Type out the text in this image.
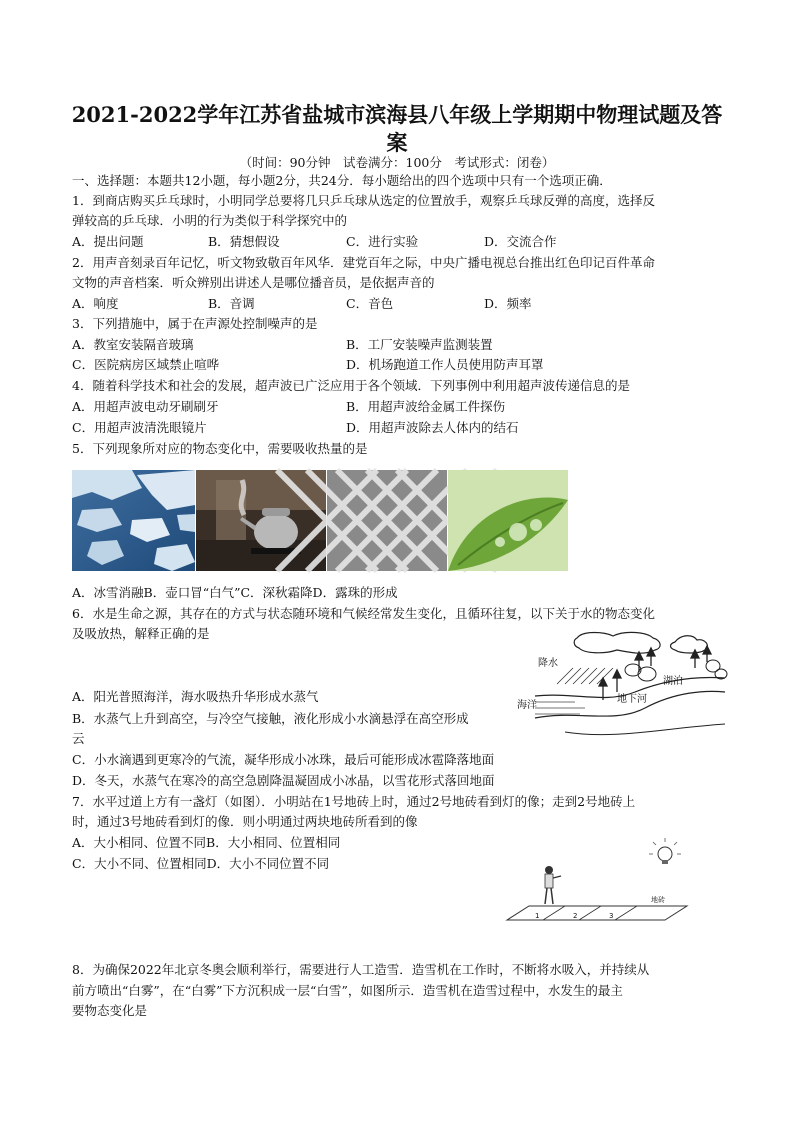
2021-2022学年江苏省盐城市滨海县八年级上学期期中物理试题及答
案
（时间：90分钟　试卷满分：100分　考试形式：闭卷）
一、选择题：本题共12小题，每小题2分，共24分．每小题给出的四个选项中只有一个选项正确．
1．到商店购买乒乓球时，小明同学总要将几只乒乓球从选定的位置放手，观察乒乓球反弹的高度，选择反
弹较高的乒乓球．小明的行为类似于科学探究中的
A．提出问题	B．猜想假设	C．进行实验	D．交流合作
2．用声音刻录百年记忆，听文物致敬百年风华．建党百年之际，中央广播电视总台推出红色印记百件革命
文物的声音档案．听众辨别出讲述人是哪位播音员，是依据声音的
A．响度	B．音调	C．音色	D．频率
3．下列措施中，属于在声源处控制噪声的是
A．教室安装隔音玻璃	B．工厂安装噪声监测装置
C．医院病房区域禁止喧哗	D．机场跑道工作人员使用防声耳罩
4．随着科学技术和社会的发展，超声波已广泛应用于各个领域．下列事例中利用超声波传递信息的是
A．用超声波电动牙刷刷牙	B．用超声波给金属工件探伤
C．用超声波清洗眼镜片	D．用超声波除去人体内的结石
5．下列现象所对应的物态变化中，需要吸收热量的是
A．冰雪消融B．壶口冒“白气”C．深秋霜降D．露珠的形成
6．水是生命之源，其存在的方式与状态随环境和气候经常发生变化，且循环往复，以下关于水的物态变化
及吸放热，解释正确的是
降水
湖泊
海洋
地下河
A．阳光普照海洋，海水吸热升华形成水蒸气
B．水蒸气上升到高空，与冷空气接触，液化形成小水滴悬浮在高空形成
云
C．小水滴遇到更寒冷的气流，凝华形成小冰珠，最后可能形成冰雹降落地面
D．冬天，水蒸气在寒冷的高空急剧降温凝固成小冰晶，以雪花形式落回地面
7．水平过道上方有一盏灯（如图）．小明站在1号地砖上时，通过2号地砖看到灯的像；走到2号地砖上
时，通过3号地砖看到灯的像．则小明通过两块地砖所看到的像
A．大小相同、位置不同B．大小相同、位置相同
C．大小不同、位置相同D．大小不同位置不同
1	2	3
地砖
8．为确保2022年北京冬奥会顺利举行，需要进行人工造雪．造雪机在工作时，不断将水吸入，并持续从
前方喷出“白雾”，在“白雾”下方沉积成一层“白雪”，如图所示．造雪机在造雪过程中，水发生的最主
要物态变化是
